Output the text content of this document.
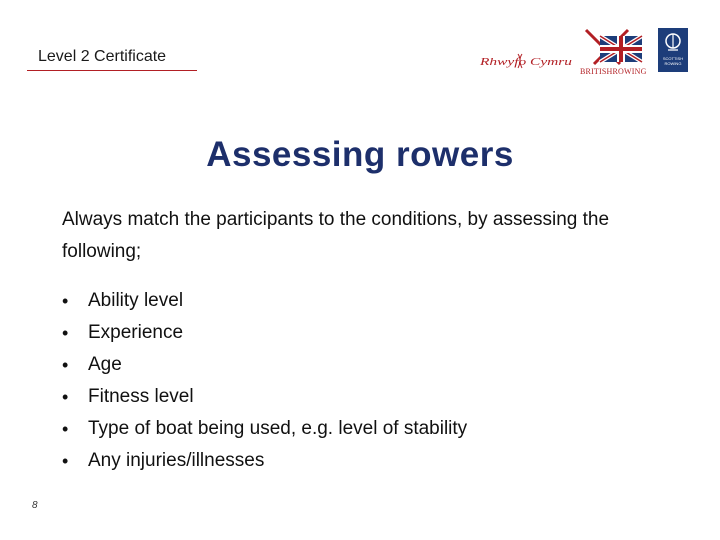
Level 2 Certificate	Rhwyfo Cymru
BRITISHROWING
SCOTTISH ROWING
Assessing rowers
Always match the participants to the conditions, by assessing the following;
• Ability level
• Experience
• Age
• Fitness level
• Type of boat being used, e.g. level of stability
• Any injuries/illnesses
8
